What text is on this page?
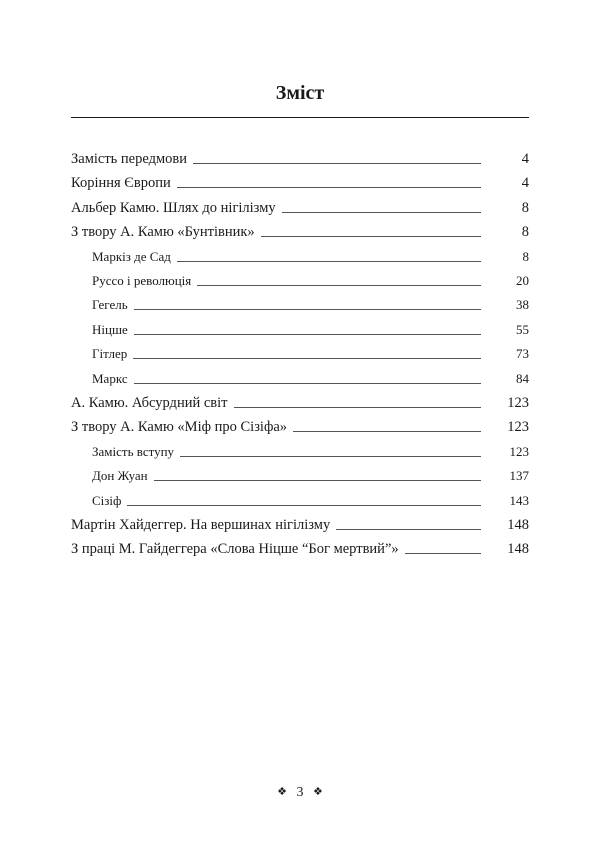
Зміст
Замість передмови	4
Коріння Європи	4
Альбер Камю. Шлях до нігілізму	8
З твору А. Камю «Бунтівник»	8
Маркіз де Сад	8
Руссо і революція	20
Гегель	38
Ніцше	55
Гітлер	73
Маркс	84
А. Камю. Абсурдний світ	123
З твору А. Камю «Міф про Сізіфа»	123
Замість вступу	123
Дон Жуан	137
Сізіф	143
Мартін Хайдеггер. На вершинах нігілізму	148
З праці М. Гайдеггера «Слова Ніцше “Бог мертвий”»	148
❖ 3 ❖
